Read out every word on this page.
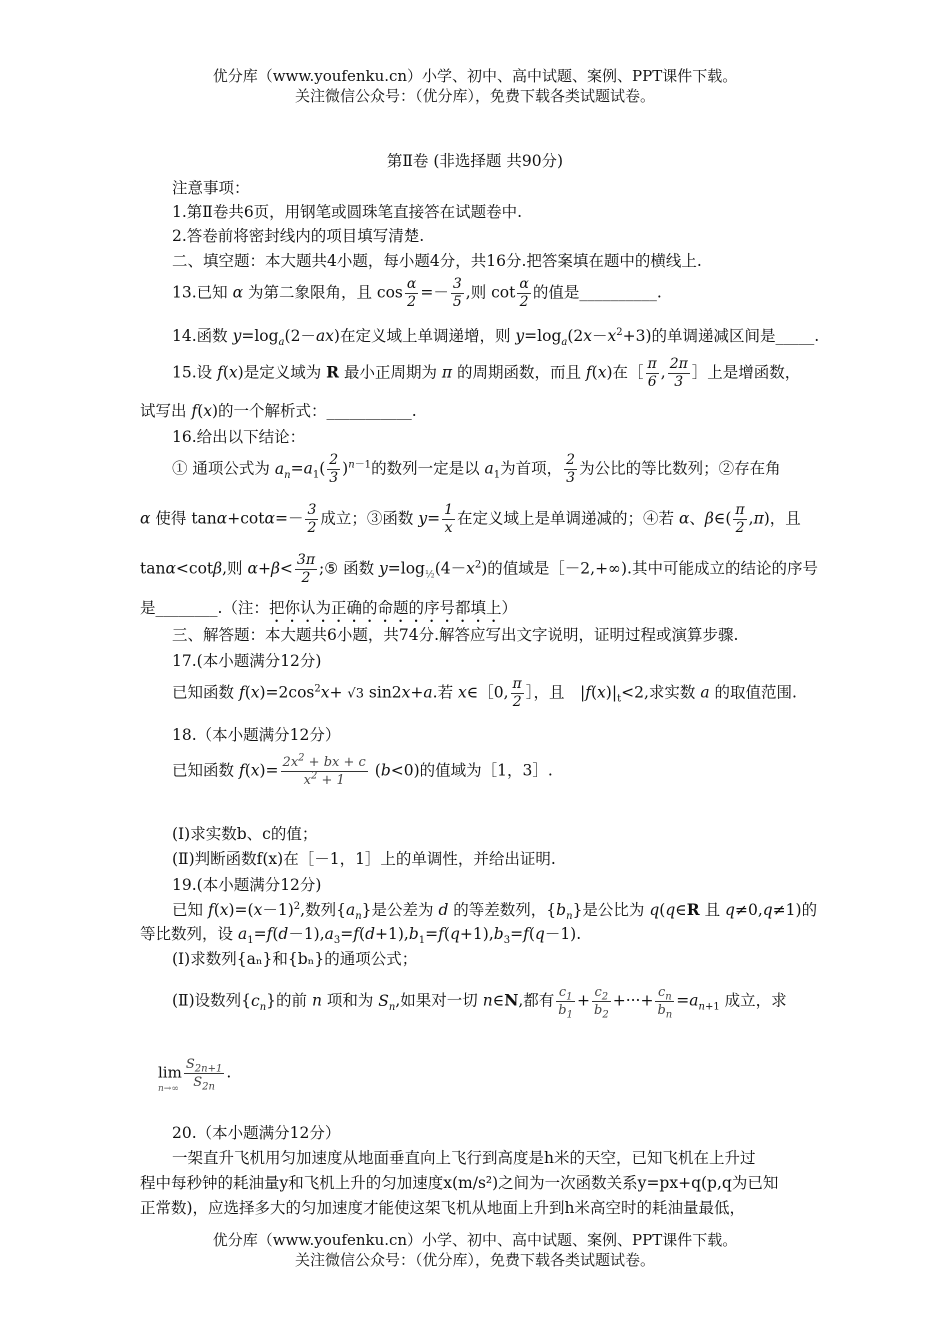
优分库（www.youfenku.cn）小学、初中、高中试题、案例、PPT课件下载。
关注微信公众号：（优分库），免费下载各类试题试卷。
第Ⅱ卷 (非选择题 共90分)
注意事项：
1.第Ⅱ卷共6页，用钢笔或圆珠笔直接答在试题卷中.
2.答卷前将密封线内的项目填写清楚.
二、填空题：本大题共4小题，每小题4分，共16分.把答案填在题中的横线上.
13.已知 α 为第二象限角，且 $\cos \frac{\alpha}{2} =- \frac{3}{5}$ ,则 $\cot \frac{\alpha}{2}$ 的值是__________.
14.函数 $y=\log_a(2-ax)$在定义域上单调递增，则 $y=\log_a(2x-x^2+3)$的单调递减区间是_____.
15.设 f(x)是定义域为 R 最小正周期为 π 的周期函数，而且 f(x)在［ $\frac{\pi}{6}$ , $\frac{2\pi}{3}$ ］上是增函数，
试写出 f(x)的一个解析式：___________.
16.给出以下结论：
① 通项公式为 $a_n=a_1( \frac{2}{3} )^{n-1}$的数列一定是以 $a_1$为首项， $\frac{2}{3}$ 为公比的等比数列；②存在角
α 使得 $\tan\alpha+\cot\alpha=- \frac{3}{2}$ 成立；③函数 $y= \frac{1}{x}$ 在定义域上是单调递减的；④若 α、β∈( $\frac{\pi}{2} ,\pi$)，且
tanα<cotβ,则 $\alpha+\beta< \frac{3\pi}{2}$ ;⑤ 函数 $y=\log_{\frac{1}{2}}(4-x^2)$的值域是［－2,+∞).其中可能成立的结论的序号
是________.（注：把你认为正确的命题的序号都填上）
三、解答题：本大题共6小题，共74分.解答应写出文字说明，证明过程或演算步骤.
17.(本小题满分12分)
已知函数 $f(x)=2\cos^2x+ √3$ sin2x+a.若 x∈［0, $\frac{\pi}{2}$ ］，且　$|f(x)|_t<2$,求实数 a 的取值范围.
18.（本小题满分12分）
已知函数 $f(x)= \frac{2x^2 + bx + c}{x^2 + 1} (b<0)$的值域为［1，3］.
(Ⅰ)求实数b、c的值；
(Ⅱ)判断函数f(x)在［－1，1］上的单调性，并给出证明.
19.(本小题满分12分)
已知 $f(x)=(x-1)^2$,数列$\{a_n\}$是公差为 d 的等差数列，$\{b_n\}$是公比为 q(q∈R 且 q≠0,q≠1)的
等比数列，设 $a_1=f(d-1),a_3=f(d+1),b_1=f(q+1),b_3=f(q-1)$.
(Ⅰ)求数列{aₙ}和{bₙ}的通项公式；
(Ⅱ)设数列$\{c_n\}$的前 n 项和为 $S_n$,如果对一切 n∈N,都有 $\frac{c_1}{b_1} + \frac{c_2}{b_2}$ +···+ $\frac{c_n}{b_n} =a_{n+1}$ 成立，求
$\lim \frac{S_{2n+1}}{S_{2n}}$ .
n→∞
20.（本小题满分12分）
一架直升飞机用匀加速度从地面垂直向上飞行到高度是h米的天空，已知飞机在上升过
程中每秒钟的耗油量y和飞机上升的匀加速度x(m/s²)之间为一次函数关系y=px+q(p,q为已知
正常数)，应选择多大的匀加速度才能使这架飞机从地面上升到h米高空时的耗油量最低，
优分库（www.youfenku.cn）小学、初中、高中试题、案例、PPT课件下载。
关注微信公众号：（优分库），免费下载各类试题试卷。
